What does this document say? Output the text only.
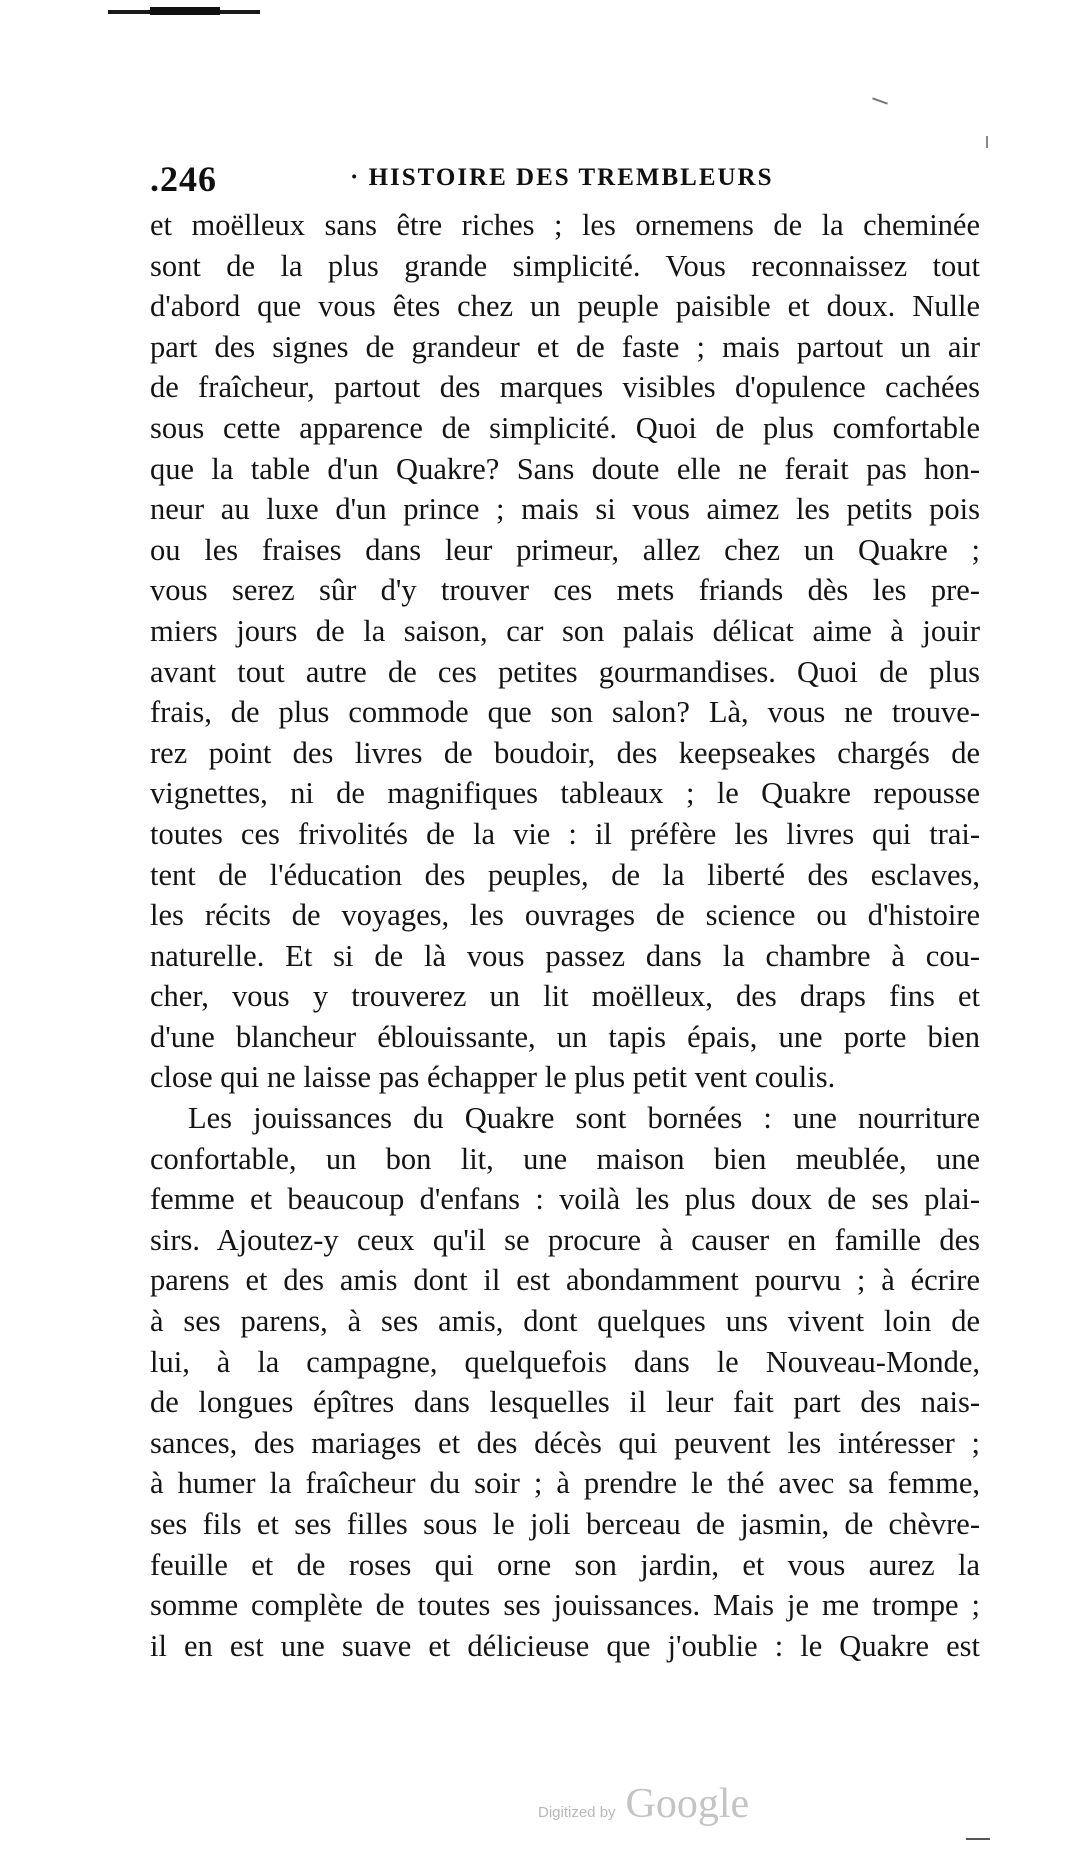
.246	· HISTOIRE DES TREMBLEURS
et moëlleux sans être riches ; les ornemens de la cheminée
sont de la plus grande simplicité. Vous reconnaissez tout
d'abord que vous êtes chez un peuple paisible et doux. Nulle
part des signes de grandeur et de faste ; mais partout un air
de fraîcheur, partout des marques visibles d'opulence cachées
sous cette apparence de simplicité. Quoi de plus comfortable
que la table d'un Quakre? Sans doute elle ne ferait pas hon-
neur au luxe d'un prince ; mais si vous aimez les petits pois
ou les fraises dans leur primeur, allez chez un Quakre ;
vous serez sûr d'y trouver ces mets friands dès les pre-
miers jours de la saison, car son palais délicat aime à jouir
avant tout autre de ces petites gourmandises. Quoi de plus
frais, de plus commode que son salon? Là, vous ne trouve-
rez point des livres de boudoir, des keepseakes chargés de
vignettes, ni de magnifiques tableaux ; le Quakre repousse
toutes ces frivolités de la vie : il préfère les livres qui trai-
tent de l'éducation des peuples, de la liberté des esclaves,
les récits de voyages, les ouvrages de science ou d'histoire
naturelle. Et si de là vous passez dans la chambre à cou-
cher, vous y trouverez un lit moëlleux, des draps fins et
d'une blancheur éblouissante, un tapis épais, une porte bien
close qui ne laisse pas échapper le plus petit vent coulis.
Les jouissances du Quakre sont bornées : une nourriture
confortable, un bon lit, une maison bien meublée, une
femme et beaucoup d'enfans : voilà les plus doux de ses plai-
sirs. Ajoutez-y ceux qu'il se procure à causer en famille des
parens et des amis dont il est abondamment pourvu ; à écrire
à ses parens, à ses amis, dont quelques uns vivent loin de
lui, à la campagne, quelquefois dans le Nouveau-Monde,
de longues épîtres dans lesquelles il leur fait part des nais-
sances, des mariages et des décès qui peuvent les intéresser ;
à humer la fraîcheur du soir ; à prendre le thé avec sa femme,
ses fils et ses filles sous le joli berceau de jasmin, de chèvre-
feuille et de roses qui orne son jardin, et vous aurez la
somme complète de toutes ses jouissances. Mais je me trompe ;
il en est une suave et délicieuse que j'oublie : le Quakre est
Digitized by Google
